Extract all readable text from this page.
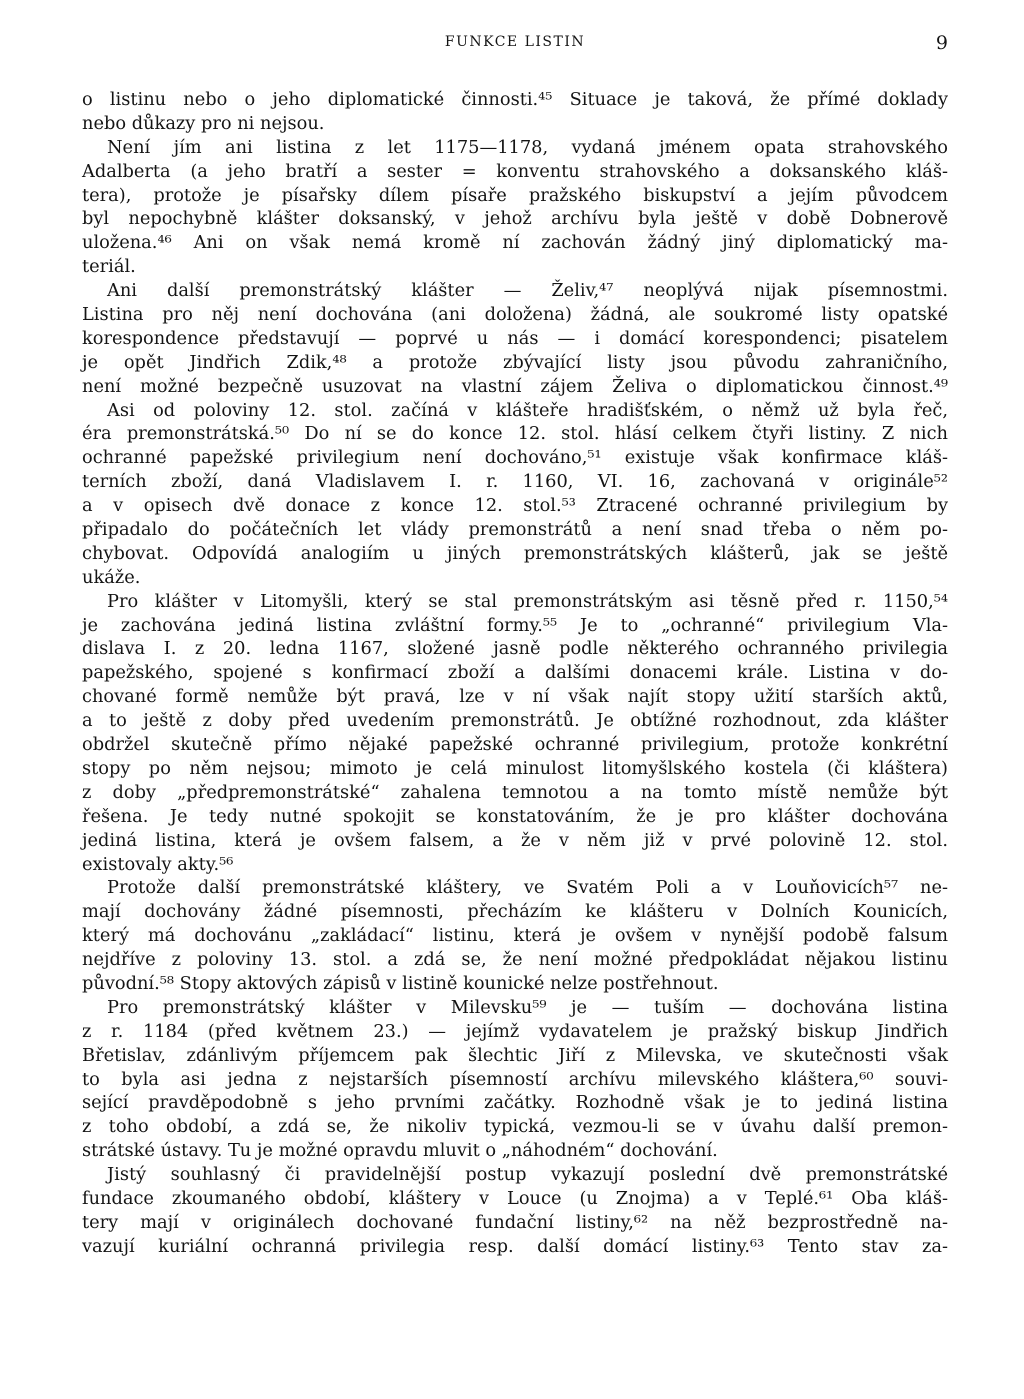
FUNKCE LISTIN	9
o listinu nebo o jeho diplomatické činnosti.⁴⁵ Situace je taková, že přímé doklady
nebo důkazy pro ni nejsou.
Není jím ani listina z let 1175—1178, vydaná jménem opata strahovského
Adalberta (a jeho bratří a sester = konventu strahovského a doksanského kláš-
tera), protože je písařsky dílem písaře pražského biskupství a jejím původcem
byl nepochybně klášter doksanský, v jehož archívu byla ještě v době Dobnerově
uložena.⁴⁶ Ani on však nemá kromě ní zachován žádný jiný diplomatický ma-
teriál.
Ani další premonstrátský klášter — Želiv,⁴⁷ neoplývá nijak písemnostmi.
Listina pro něj není dochována (ani doložena) žádná, ale soukromé listy opatské
korespondence představují — poprvé u nás — i domácí korespondenci; pisatelem
je opět Jindřich Zdik,⁴⁸ a protože zbývající listy jsou původu zahraničního,
není možné bezpečně usuzovat na vlastní zájem Želiva o diplomatickou činnost.⁴⁹
Asi od poloviny 12. stol. začíná v klášteře hradišťském, o němž už byla řeč,
éra premonstrátská.⁵⁰ Do ní se do konce 12. stol. hlásí celkem čtyři listiny. Z nich
ochranné papežské privilegium není dochováno,⁵¹ existuje však konfirmace kláš-
terních zboží, daná Vladislavem I. r. 1160, VI. 16, zachovaná v originále⁵²
a v opisech dvě donace z konce 12. stol.⁵³ Ztracené ochranné privilegium by
připadalo do počátečních let vlády premonstrátů a není snad třeba o něm po-
chybovat. Odpovídá analogiím u jiných premonstrátských klášterů, jak se ještě
ukáže.
Pro klášter v Litomyšli, který se stal premonstrátským asi těsně před r. 1150,⁵⁴
je zachována jediná listina zvláštní formy.⁵⁵ Je to „ochranné“ privilegium Vla-
dislava I. z 20. ledna 1167, složené jasně podle některého ochranného privilegia
papežského, spojené s konfirmací zboží a dalšími donacemi krále. Listina v do-
chované formě nemůže být pravá, lze v ní však najít stopy užití starších aktů,
a to ještě z doby před uvedením premonstrátů. Je obtížné rozhodnout, zda klášter
obdržel skutečně přímo nějaké papežské ochranné privilegium, protože konkrétní
stopy po něm nejsou; mimoto je celá minulost litomyšlského kostela (či kláštera)
z doby „předpremonstrátské“ zahalena temnotou a na tomto místě nemůže být
řešena. Je tedy nutné spokojit se konstatováním, že je pro klášter dochována
jediná listina, která je ovšem falsem, a že v něm již v prvé polovině 12. stol.
existovaly akty.⁵⁶
Protože další premonstrátské kláštery, ve Svatém Poli a v Louňovicích⁵⁷ ne-
mají dochovány žádné písemnosti, přecházím ke klášteru v Dolních Kounicích,
který má dochovánu „zakládací“ listinu, která je ovšem v nynější podobě falsum
nejdříve z poloviny 13. stol. a zdá se, že není možné předpokládat nějakou listinu
původní.⁵⁸ Stopy aktových zápisů v listině kounické nelze postřehnout.
Pro premonstrátský klášter v Milevsku⁵⁹ je — tuším — dochována listina
z r. 1184 (před květnem 23.) — jejímž vydavatelem je pražský biskup Jindřich
Břetislav, zdánlivým příjemcem pak šlechtic Jiří z Milevska, ve skutečnosti však
to byla asi jedna z nejstarších písemností archívu milevského kláštera,⁶⁰ souvi-
sející pravděpodobně s jeho prvními začátky. Rozhodně však je to jediná listina
z toho období, a zdá se, že nikoliv typická, vezmou-li se v úvahu další premon-
strátské ústavy. Tu je možné opravdu mluvit o „náhodném“ dochování.
Jistý souhlasný či pravidelnější postup vykazují poslední dvě premonstrátské
fundace zkoumaného období, kláštery v Louce (u Znojma) a v Teplé.⁶¹ Oba kláš-
tery mají v originálech dochované fundační listiny,⁶² na něž bezprostředně na-
vazují kuriální ochranná privilegia resp. další domácí listiny.⁶³ Tento stav za-
